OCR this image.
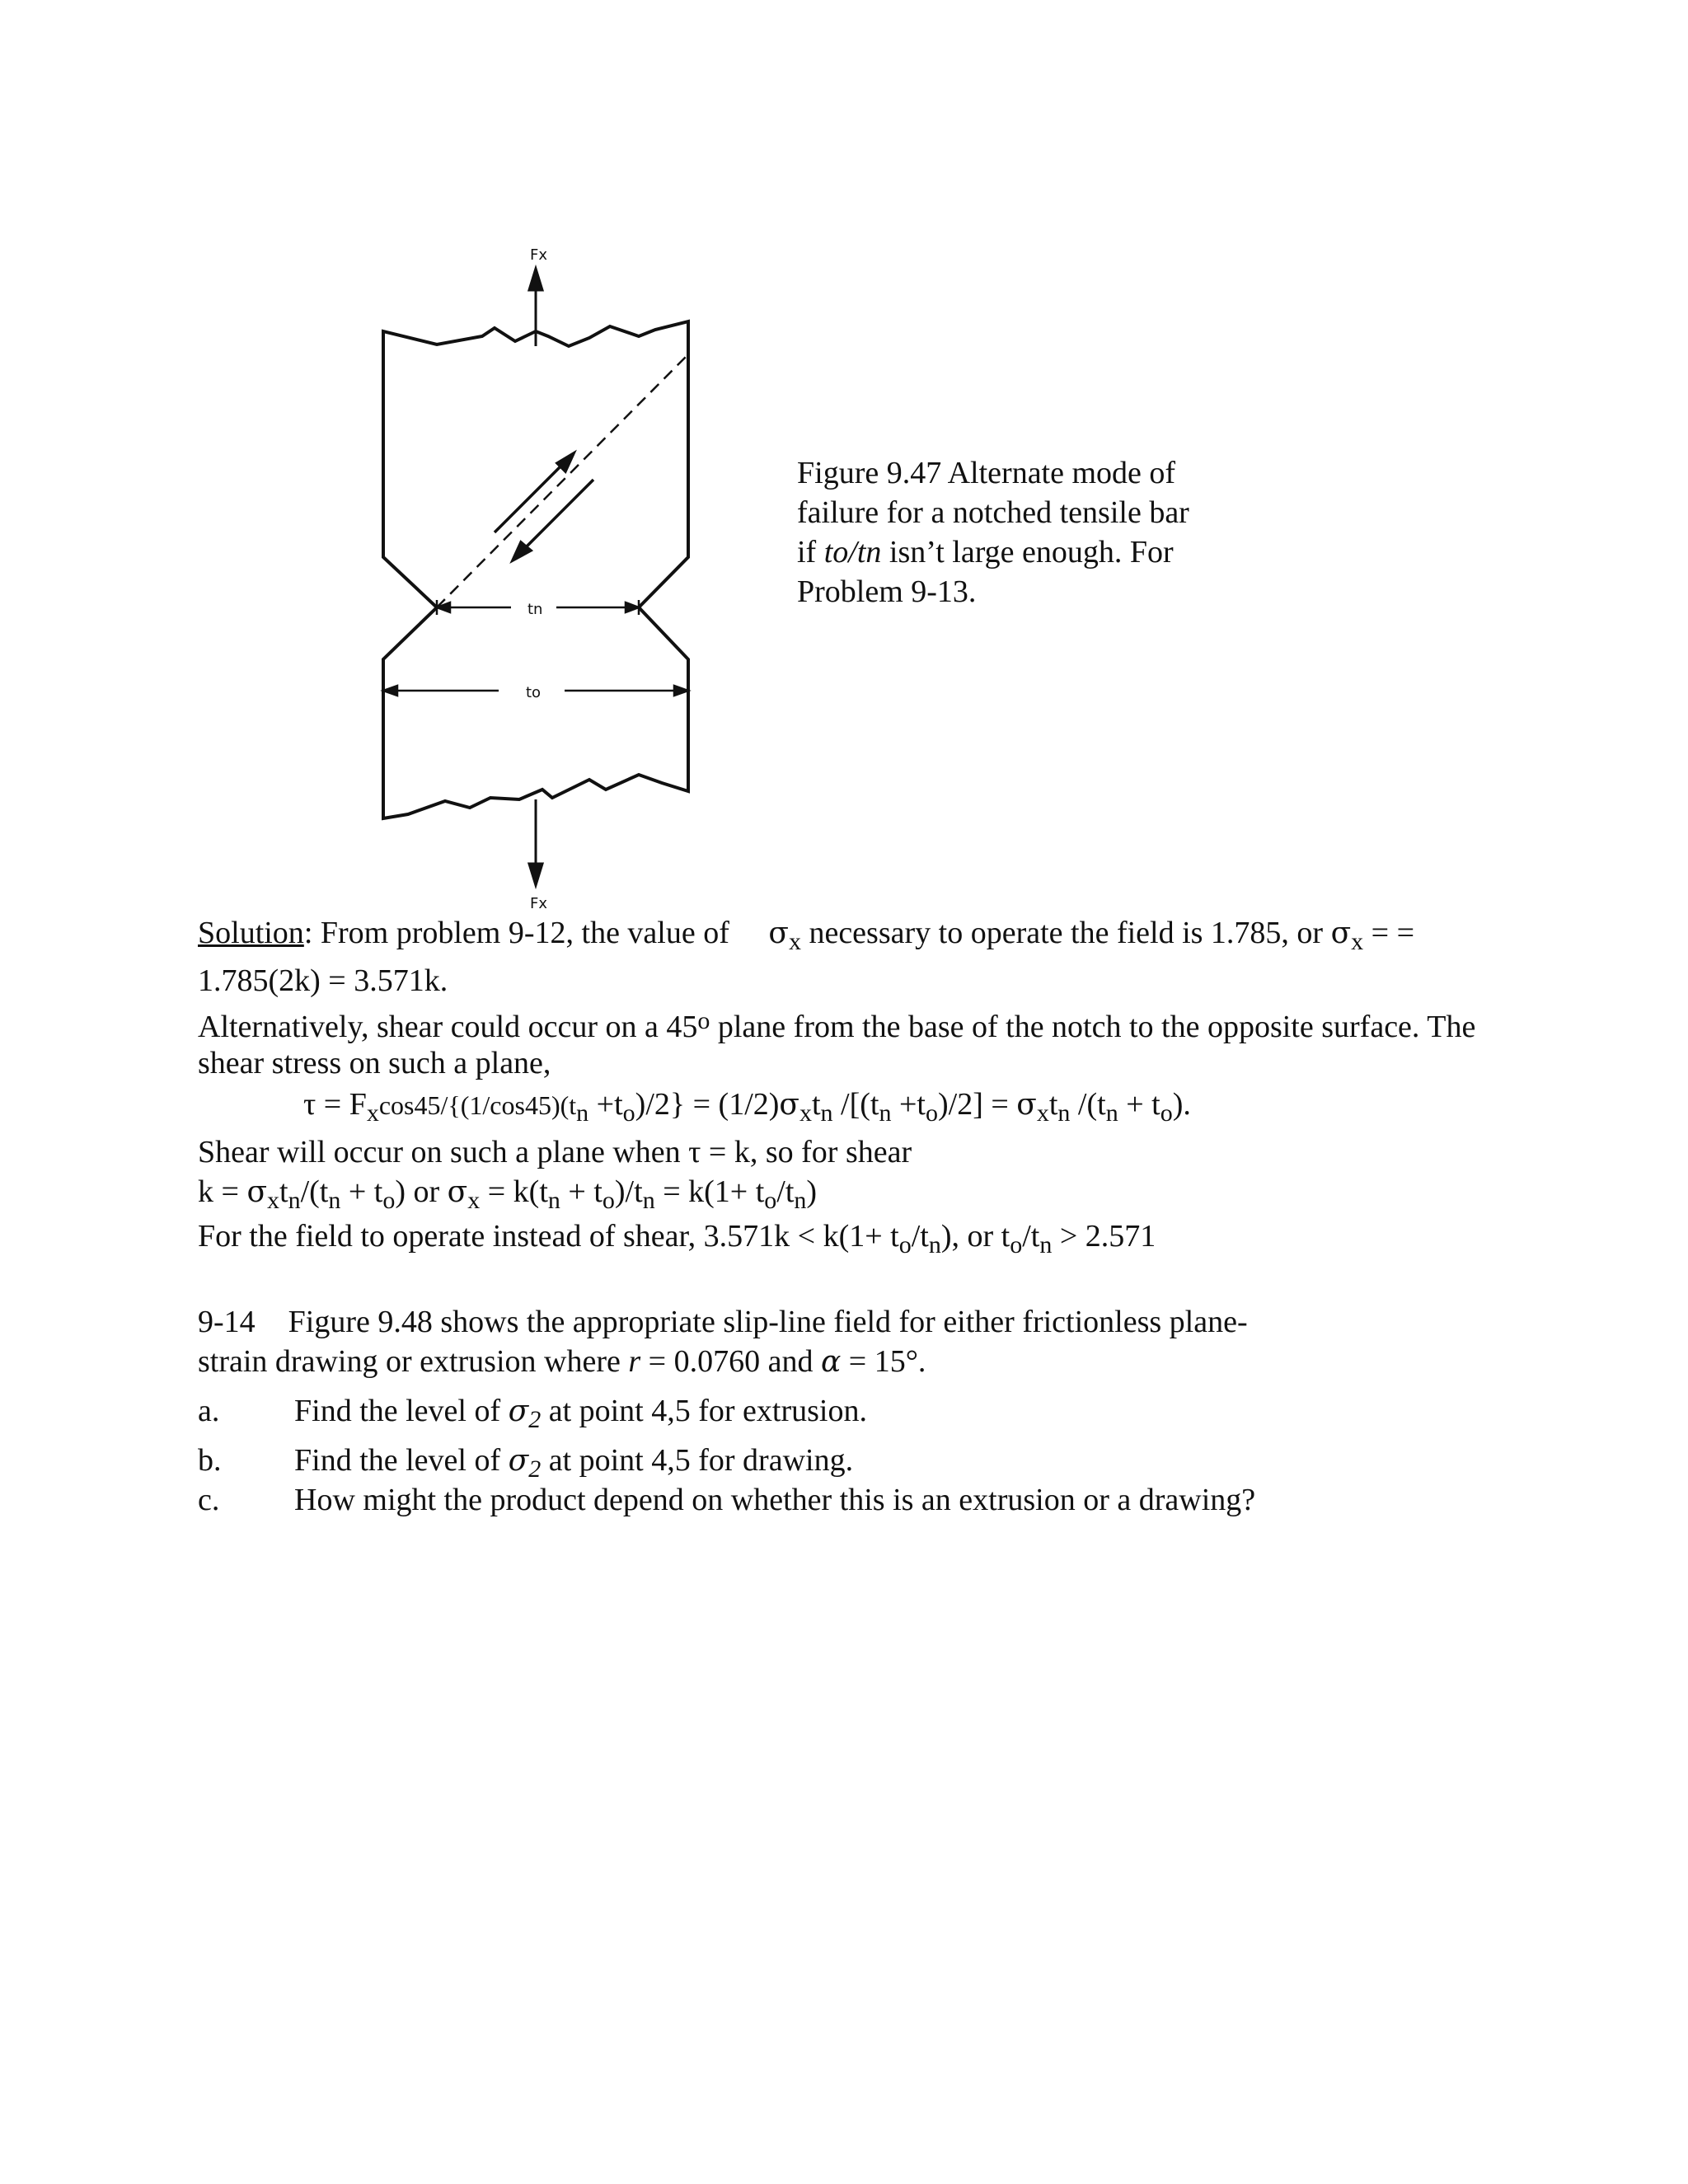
Fx
Fx
tn
to
Figure 9.47 Alternate mode of
failure for a notched tensile bar
if to/tn isn’t large enough. For
Problem 9-13.
Solution: From problem 9-12, the value of     $\sigma_x$ necessary to operate the field is 1.785, or $\sigma_x$ = =
1.785(2k) = 3.571k.
Alternatively, shear could occur on a 45$^o$ plane from the base of the notch to the opposite surface. The
shear stress on such a plane,
$\tau = F_x\cos 45/\{(1/\cos 45)(t_n +t_o)/2\} = (1/2)\sigma_xt_n$ $/[(t_n +t_o)/2] = \sigma_xt_n$ $/(t_n + t_o)$.
Shear will occur on such a plane when τ = k, so for shear
$k = \sigma_xt_n/(t_n + t_o)$ or $\sigma_x = k(t_n + t_o)/t_n = k(1+ t_o/t_n)$
For the field to operate instead of shear, $3.571k < k(1+ t_o/t_n)$, or $t_o/t_n > 2.571$
9-14 Figure 9.48 shows the appropriate slip-line field for either frictionless plane-
strain drawing or extrusion where r = 0.0760 and α = 15°.
a. Find the level of $\sigma_2$ at point 4,5 for extrusion.
b. Find the level of $\sigma_2$ at point 4,5 for drawing.
c. How might the product depend on whether this is an extrusion or a drawing?
